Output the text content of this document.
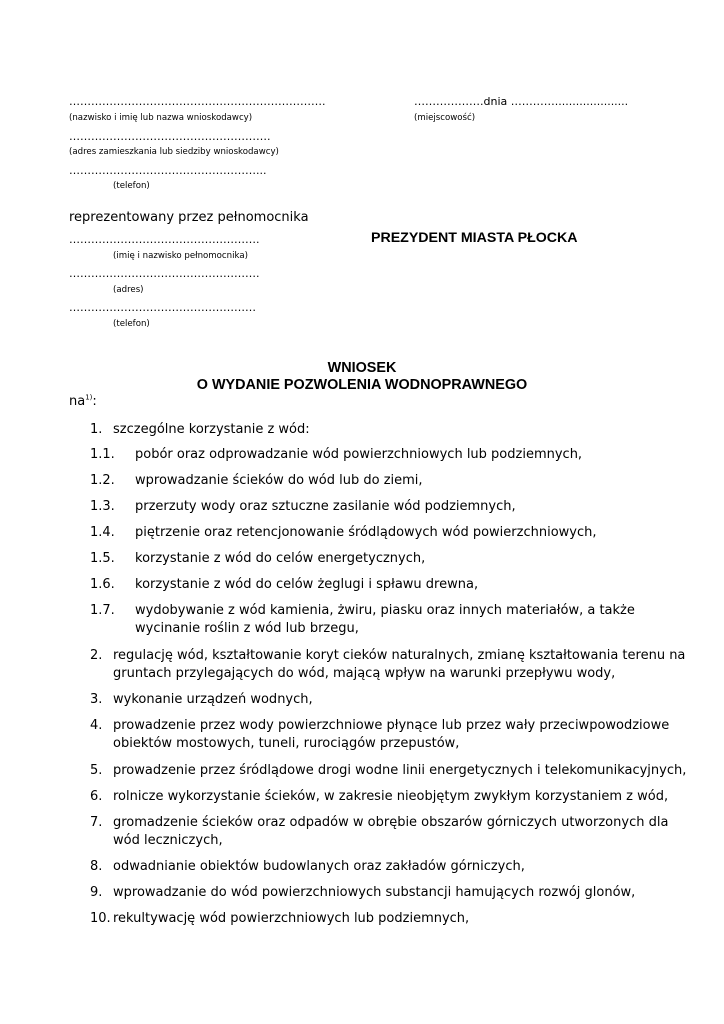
…………………………………………………………….
(nazwisko i imię lub nazwa wnioskodawcy)
……………………………………………….
(adres zamieszkania lub siedziby wnioskodawcy)
……………………………………………...
(telefon)
……………….dnia ………….....................
(miejscowość)
reprezentowany przez pełnomocnika
…………………………………………….
(imię i nazwisko pełnomocnika)
…………………………………………….
(adres)
……………………………………………
(telefon)
PREZYDENT MIASTA PŁOCKA
WNIOSEK
O WYDANIE POZWOLENIA WODNOPRAWNEGO
$na^{1)}$:
1. szczególne korzystanie z wód:
1.1. pobór oraz odprowadzanie wód powierzchniowych lub podziemnych,
1.2. wprowadzanie ścieków do wód lub do ziemi,
1.3. przerzuty wody oraz sztuczne zasilanie wód podziemnych,
1.4. piętrzenie oraz retencjonowanie śródlądowych wód powierzchniowych,
1.5. korzystanie z wód do celów energetycznych,
1.6. korzystanie z wód do celów żeglugi i spławu drewna,
1.7. wydobywanie z wód kamienia, żwiru, piasku oraz innych materiałów, a także
wycinanie roślin z wód lub brzegu,
2. regulację wód, kształtowanie koryt cieków naturalnych, zmianę kształtowania terenu na
gruntach przylegających do wód, mającą wpływ na warunki przepływu wody,
3. wykonanie urządzeń wodnych,
4. prowadzenie przez wody powierzchniowe płynące lub przez wały przeciwpowodziowe
obiektów mostowych, tuneli, rurociągów przepustów,
5. prowadzenie przez śródlądowe drogi wodne linii energetycznych i telekomunikacyjnych,
6. rolnicze wykorzystanie ścieków, w zakresie nieobjętym zwykłym korzystaniem z wód,
7. gromadzenie ścieków oraz odpadów w obrębie obszarów górniczych utworzonych dla
wód leczniczych,
8. odwadnianie obiektów budowlanych oraz zakładów górniczych,
9. wprowadzanie do wód powierzchniowych substancji hamujących rozwój glonów,
10. rekultywację wód powierzchniowych lub podziemnych,
